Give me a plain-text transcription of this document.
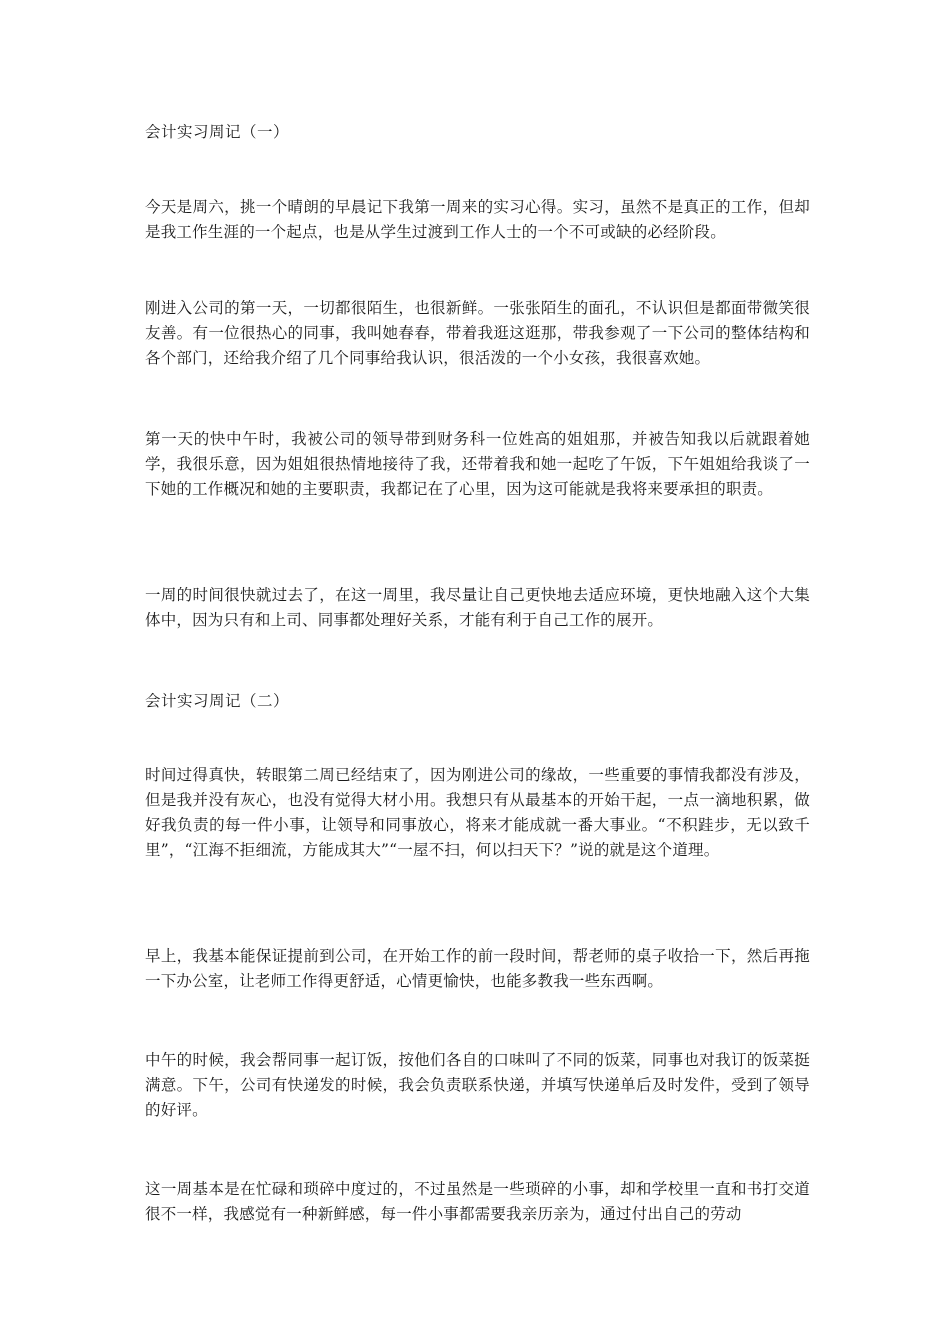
会计实习周记（一）

今天是周六，挑一个晴朗的早晨记下我第一周来的实习心得。实习，虽然不是真正的工作，但却是我工作生涯的一个起点，也是从学生过渡到工作人士的一个不可或缺的必经阶段。

刚进入公司的第一天，一切都很陌生，也很新鲜。一张张陌生的面孔，不认识但是都面带微笑很友善。有一位很热心的同事，我叫她春春，带着我逛这逛那，带我参观了一下公司的整体结构和各个部门，还给我介绍了几个同事给我认识，很活泼的一个小女孩，我很喜欢她。

第一天的快中午时，我被公司的领导带到财务科一位姓高的姐姐那，并被告知我以后就跟着她学，我很乐意，因为姐姐很热情地接待了我，还带着我和她一起吃了午饭，下午姐姐给我谈了一下她的工作概况和她的主要职责，我都记在了心里，因为这可能就是我将来要承担的职责。

一周的时间很快就过去了，在这一周里，我尽量让自己更快地去适应环境，更快地融入这个大集体中，因为只有和上司、同事都处理好关系，才能有利于自己工作的展开。

会计实习周记（二）

时间过得真快，转眼第二周已经结束了，因为刚进公司的缘故，一些重要的事情我都没有涉及，但是我并没有灰心，也没有觉得大材小用。我想只有从最基本的开始干起，一点一滴地积累，做好我负责的每一件小事，让领导和同事放心，将来才能成就一番大事业。“不积跬步，无以致千里”，“江海不拒细流，方能成其大”“一屋不扫，何以扫天下？”说的就是这个道理。

早上，我基本能保证提前到公司，在开始工作的前一段时间，帮老师的桌子收拾一下，然后再拖一下办公室，让老师工作得更舒适，心情更愉快，也能多教我一些东西啊。

中午的时候，我会帮同事一起订饭，按他们各自的口味叫了不同的饭菜，同事也对我订的饭菜挺满意。下午，公司有快递发的时候，我会负责联系快递，并填写快递单后及时发件，受到了领导的好评。

这一周基本是在忙碌和琐碎中度过的，不过虽然是一些琐碎的小事，却和学校里一直和书打交道很不一样，我感觉有一种新鲜感，每一件小事都需要我亲历亲为，通过付出自己的劳动
